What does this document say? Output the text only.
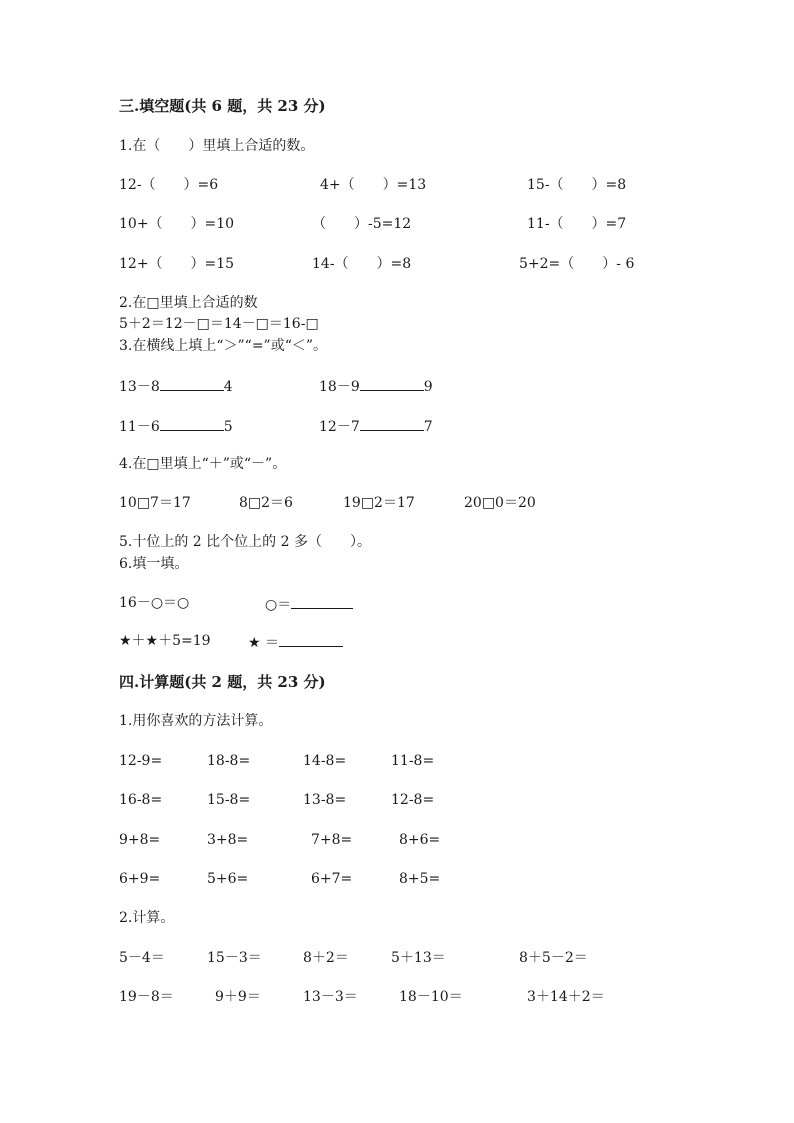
三.填空题(共 6 题，共 23 分)
1.在（　　）里填上合适的数。
12-（　　）=6	4+（　　）=13	15-（　　）=8
10+（　　）=10	（　　）-5=12	11-（　　）=7
12+（　　）=15	14-（　　）=8	5+2=（　　）- 6
2.在□里填上合适的数
5＋2＝12－□＝14－□＝16-□
3.在横线上填上“＞”“=”或“＜”。
13－8	4	18－9	9
11－6	5	12－7	7
4.在□里填上“＋”或“－”。
10□7＝17	8□2＝6	19□2＝17	20□0＝20
5.十位上的 2 比个位上的 2 多（　　）。
6.填一填。
16－○＝○	○＝
★＋★＋5=19	★ ＝
四.计算题(共 2 题，共 23 分)
1.用你喜欢的方法计算。
12-9=	18-8=	14-8=	11-8=
16-8=	15-8=	13-8=	12-8=
9+8=	3+8=	7+8=	8+6=
6+9=	5+6=	6+7=	8+5=
2.计算。
5－4＝	15－3＝	8＋2＝	5＋13＝	8＋5－2＝
19－8＝	9＋9＝	13－3＝	18－10＝	3＋14＋2＝
